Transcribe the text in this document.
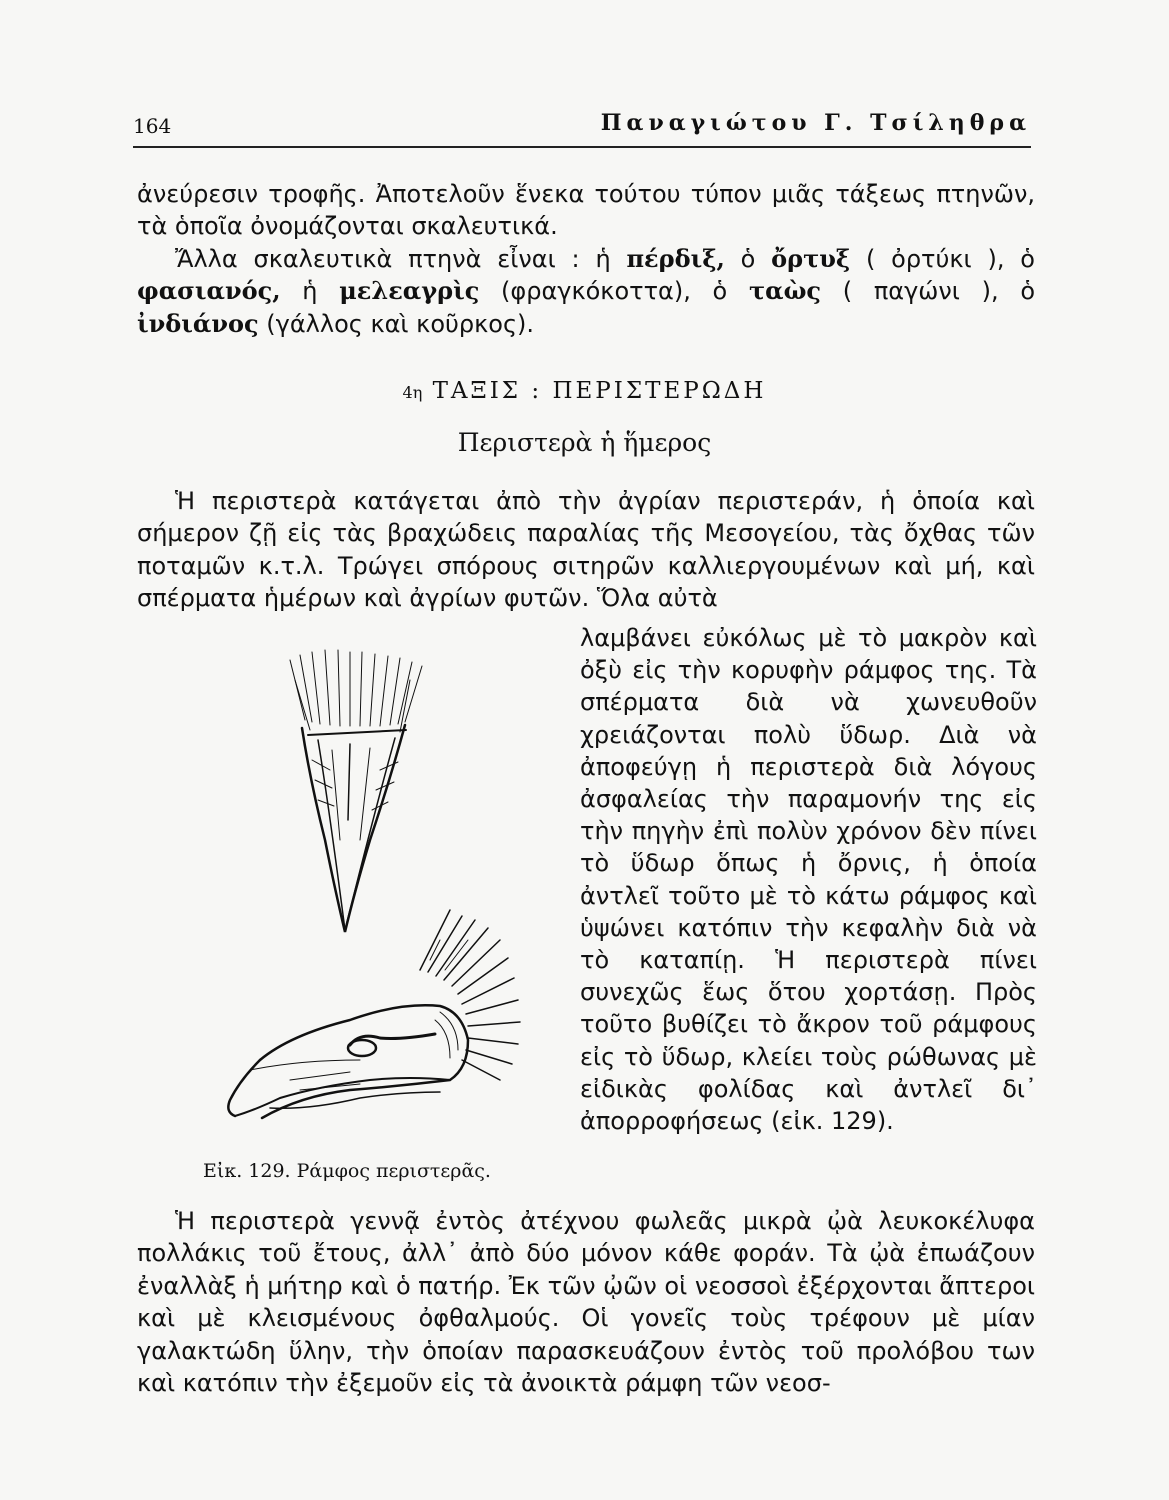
164	Παναγιώτου Γ. Τσίληθρα

ἀνεύρεσιν τροφῆς. Ἀποτελοῦν ἕνεκα τούτου τύπον μιᾶς τάξεως πτηνῶν, τὰ ὁποῖα ὀνομάζονται σκαλευτικά.

Ἄλλα σκαλευτικὰ πτηνὰ εἶναι : ἡ πέρδιξ, ὁ ὄρτυξ ( ὀρτύκι ), ὁ φασιανός, ἡ μελεαγρὶς (φραγκόκοττα), ὁ ταὼς ( παγώνι ), ὁ ἰνδιάνος (γάλλος καὶ κοῦρκος).

4η ΤΑΞΙΣ : ΠΕΡΙΣΤΕΡΩΔΗ
Περιστερὰ ἡ ἥμερος

Ἡ περιστερὰ κατάγεται ἀπὸ τὴν ἀγρίαν περιστεράν, ἡ ὁποία καὶ σήμερον ζῇ εἰς τὰς βραχώδεις παραλίας τῆς Μεσογείου, τὰς ὄχθας τῶν ποταμῶν κ.τ.λ. Τρώγει σπόρους σιτηρῶν καλλιεργουμένων καὶ μή, καὶ σπέρματα ἡμέρων καὶ ἀγρίων φυτῶν. Ὅλα αὐτὰ

λαμβάνει εὐκόλως μὲ τὸ μακρὸν καὶ ὀξὺ εἰς τὴν κορυφὴν ράμφος της. Τὰ σπέρματα διὰ νὰ χωνευθοῦν χρειάζονται πολὺ ὕδωρ. Διὰ νὰ ἀποφεύγῃ ἡ περιστερὰ διὰ λόγους ἀσφαλείας τὴν παραμονήν της εἰς τὴν πηγὴν ἐπὶ πολὺν χρόνον δὲν πίνει τὸ ὕδωρ ὅπως ἡ ὄρνις, ἡ ὁποία ἀντλεῖ τοῦτο μὲ τὸ κάτω ράμφος καὶ ὑψώνει κατόπιν τὴν κεφαλὴν διὰ νὰ τὸ καταπίῃ. Ἡ περιστερὰ πίνει συνεχῶς ἕως ὅτου χορτάσῃ. Πρὸς τοῦτο βυθίζει τὸ ἄκρον τοῦ ράμφους εἰς τὸ ὕδωρ, κλείει τοὺς ρώθωνας μὲ εἰδικὰς φολίδας καὶ ἀντλεῖ δι᾽ ἀπορροφήσεως (εἰκ. 129).

Εἰκ. 129. Ράμφος περιστερᾶς.

Ἡ περιστερὰ γεννᾷ ἐντὸς ἀτέχνου φωλεᾶς μικρὰ ᾠὰ λευκοκέλυφα πολλάκις τοῦ ἔτους, ἀλλ᾽ ἀπὸ δύο μόνον κάθε φοράν. Τὰ ᾠὰ ἐπωάζουν ἐναλλὰξ ἡ μήτηρ καὶ ὁ πατήρ. Ἐκ τῶν ᾠῶν οἱ νεοσσοὶ ἐξέρχονται ἄπτεροι καὶ μὲ κλεισμένους ὀφθαλμούς. Οἱ γονεῖς τοὺς τρέφουν μὲ μίαν γαλακτώδη ὕλην, τὴν ὁποίαν παρασκευάζουν ἐντὸς τοῦ προλόβου των καὶ κατόπιν τὴν ἐξεμοῦν εἰς τὰ ἀνοικτὰ ράμφη τῶν νεοσ-
